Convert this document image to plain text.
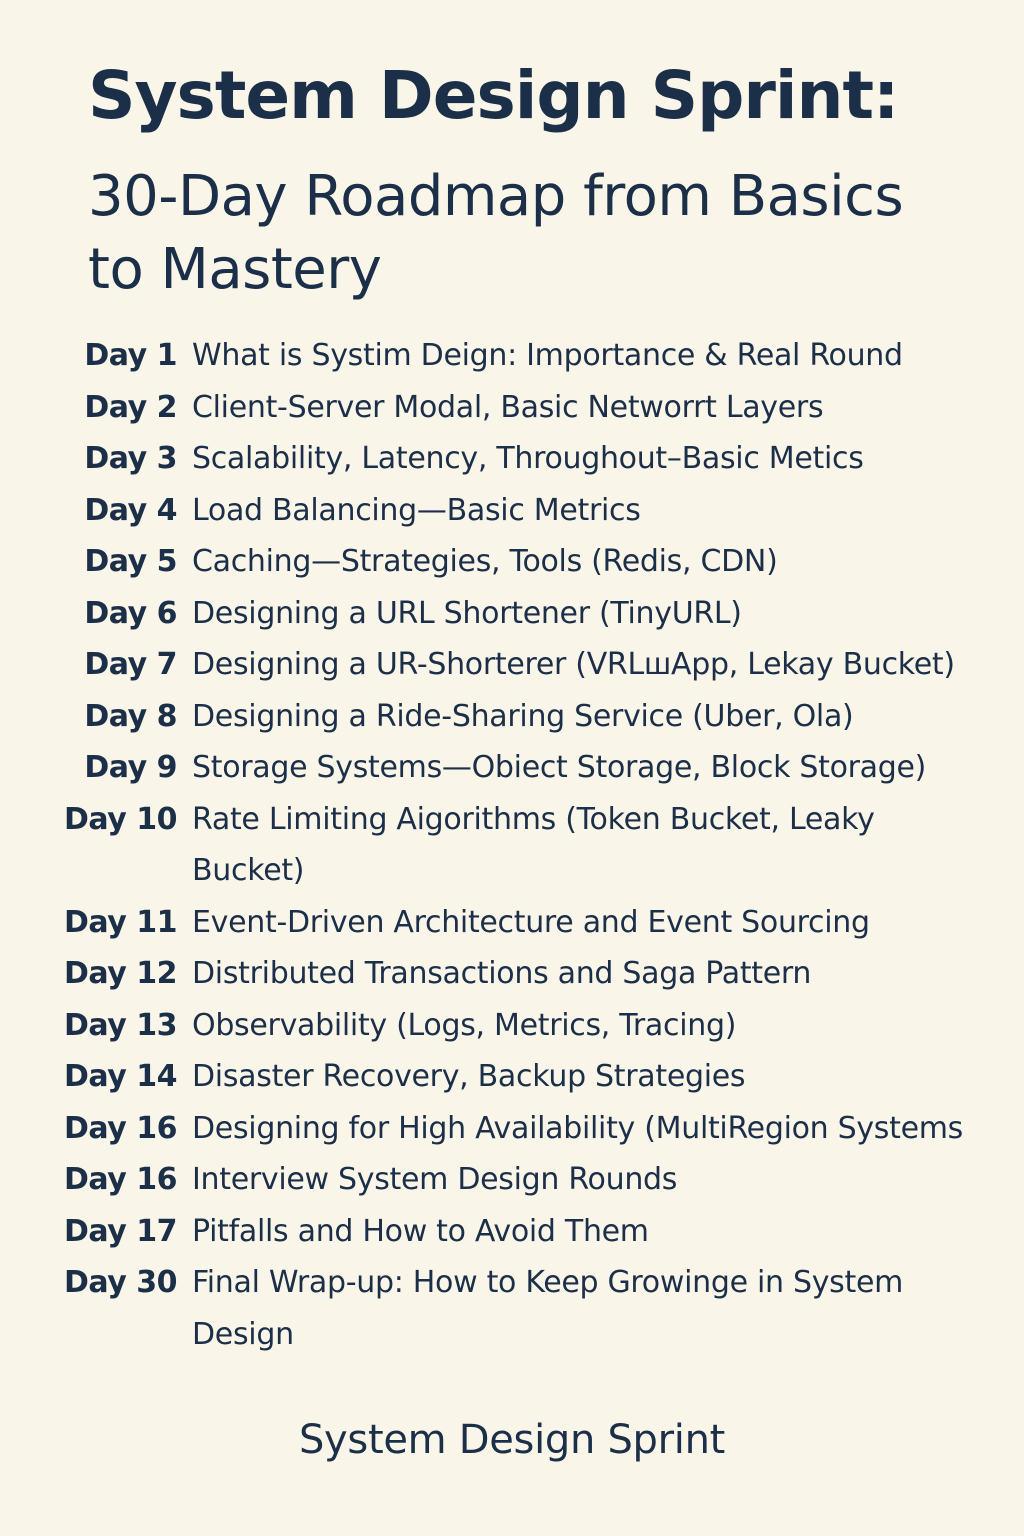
System Design Sprint:
30-Day Roadmap from Basics to Mastery
Day 1 What is Systim Deign: Importance & Real Round
Day 2 Client-Server Modal, Basic Networrt Layers
Day 3 Scalability, Latency, Throughout–Basic Metics
Day 4 Load Balancing—Basic Metrics
Day 5 Caching—Strategies, Tools (Redis, CDN)
Day 6 Designing a URL Shortener (TinyURL)
Day 7 Designing a UR-Shorterer (VRLшApp, Lekay Bucket)
Day 8 Designing a Ride-Sharing Service (Uber, Ola)
Day 9 Storage Systems—Obiect Storage, Block Storage)
Day 10 Rate Limiting Aigorithms (Token Bucket, Leaky Bucket)
Day 11 Event-Driven Architecture and Event Sourcing
Day 12 Distributed Transactions and Saga Pattern
Day 13 Observability (Logs, Metrics, Tracing)
Day 14 Disaster Recovery, Backup Strategies
Day 16 Designing for High Availability (MultiRegion Systems
Day 16 Interview System Design Rounds
Day 17 Pitfalls and How to Avoid Them
Day 30 Final Wrap-up: How to Keep Growinge in System Design
System Design Sprint
